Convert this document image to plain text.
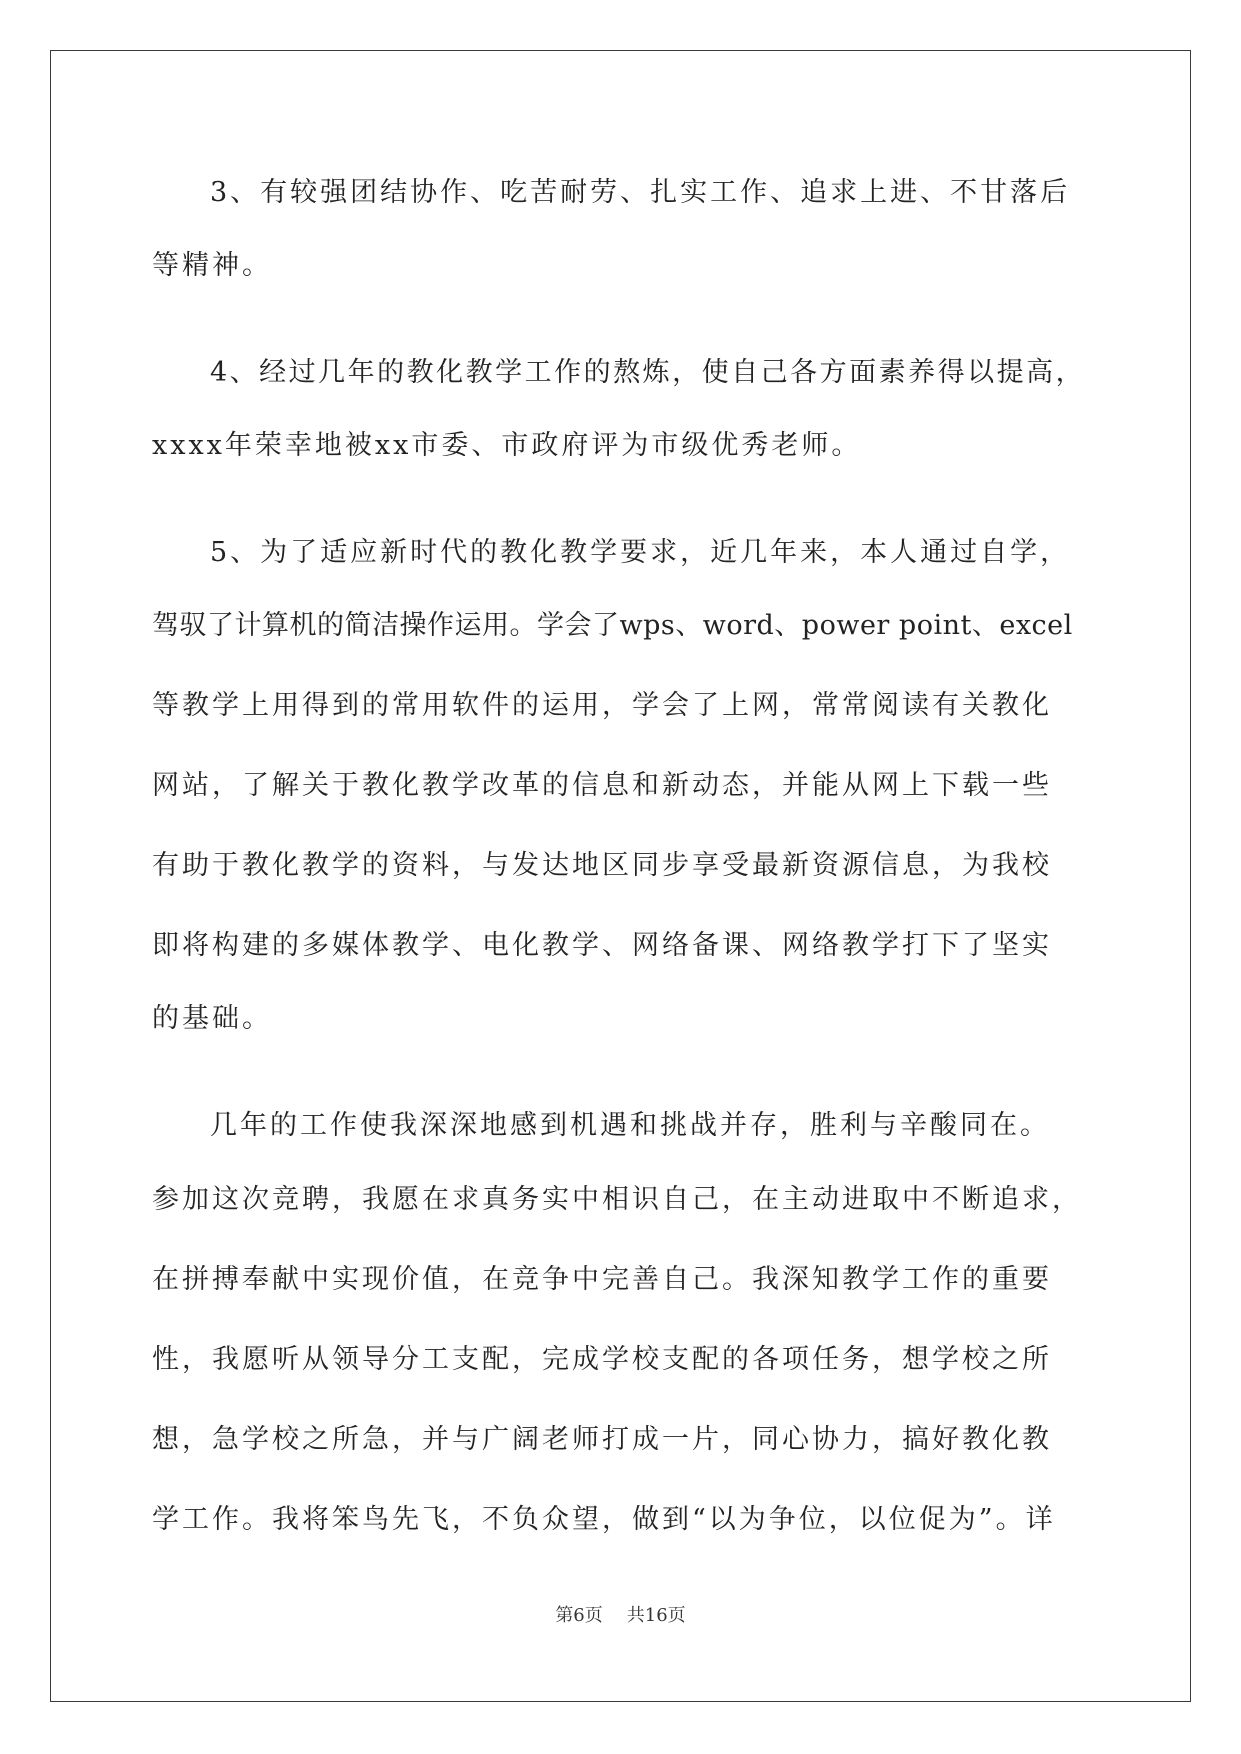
3、有较强团结协作、吃苦耐劳、扎实工作、追求上进、不甘落后
等精神。
4、经过几年的教化教学工作的熬炼，使自己各方面素养得以提高，
xxxx年荣幸地被xx市委、市政府评为市级优秀老师。
5、为了适应新时代的教化教学要求，近几年来，本人通过自学，
驾驭了计算机的简洁操作运用。学会了wps、word、power point、excel
等教学上用得到的常用软件的运用，学会了上网，常常阅读有关教化
网站，了解关于教化教学改革的信息和新动态，并能从网上下载一些
有助于教化教学的资料，与发达地区同步享受最新资源信息，为我校
即将构建的多媒体教学、电化教学、网络备课、网络教学打下了坚实
的基础。
几年的工作使我深深地感到机遇和挑战并存，胜利与辛酸同在。
参加这次竞聘，我愿在求真务实中相识自己，在主动进取中不断追求，
在拼搏奉献中实现价值，在竞争中完善自己。我深知教学工作的重要
性，我愿听从领导分工支配，完成学校支配的各项任务，想学校之所
想，急学校之所急，并与广阔老师打成一片，同心协力，搞好教化教
学工作。我将笨鸟先飞，不负众望，做到“以为争位，以位促为”。详
第6页 共16页
